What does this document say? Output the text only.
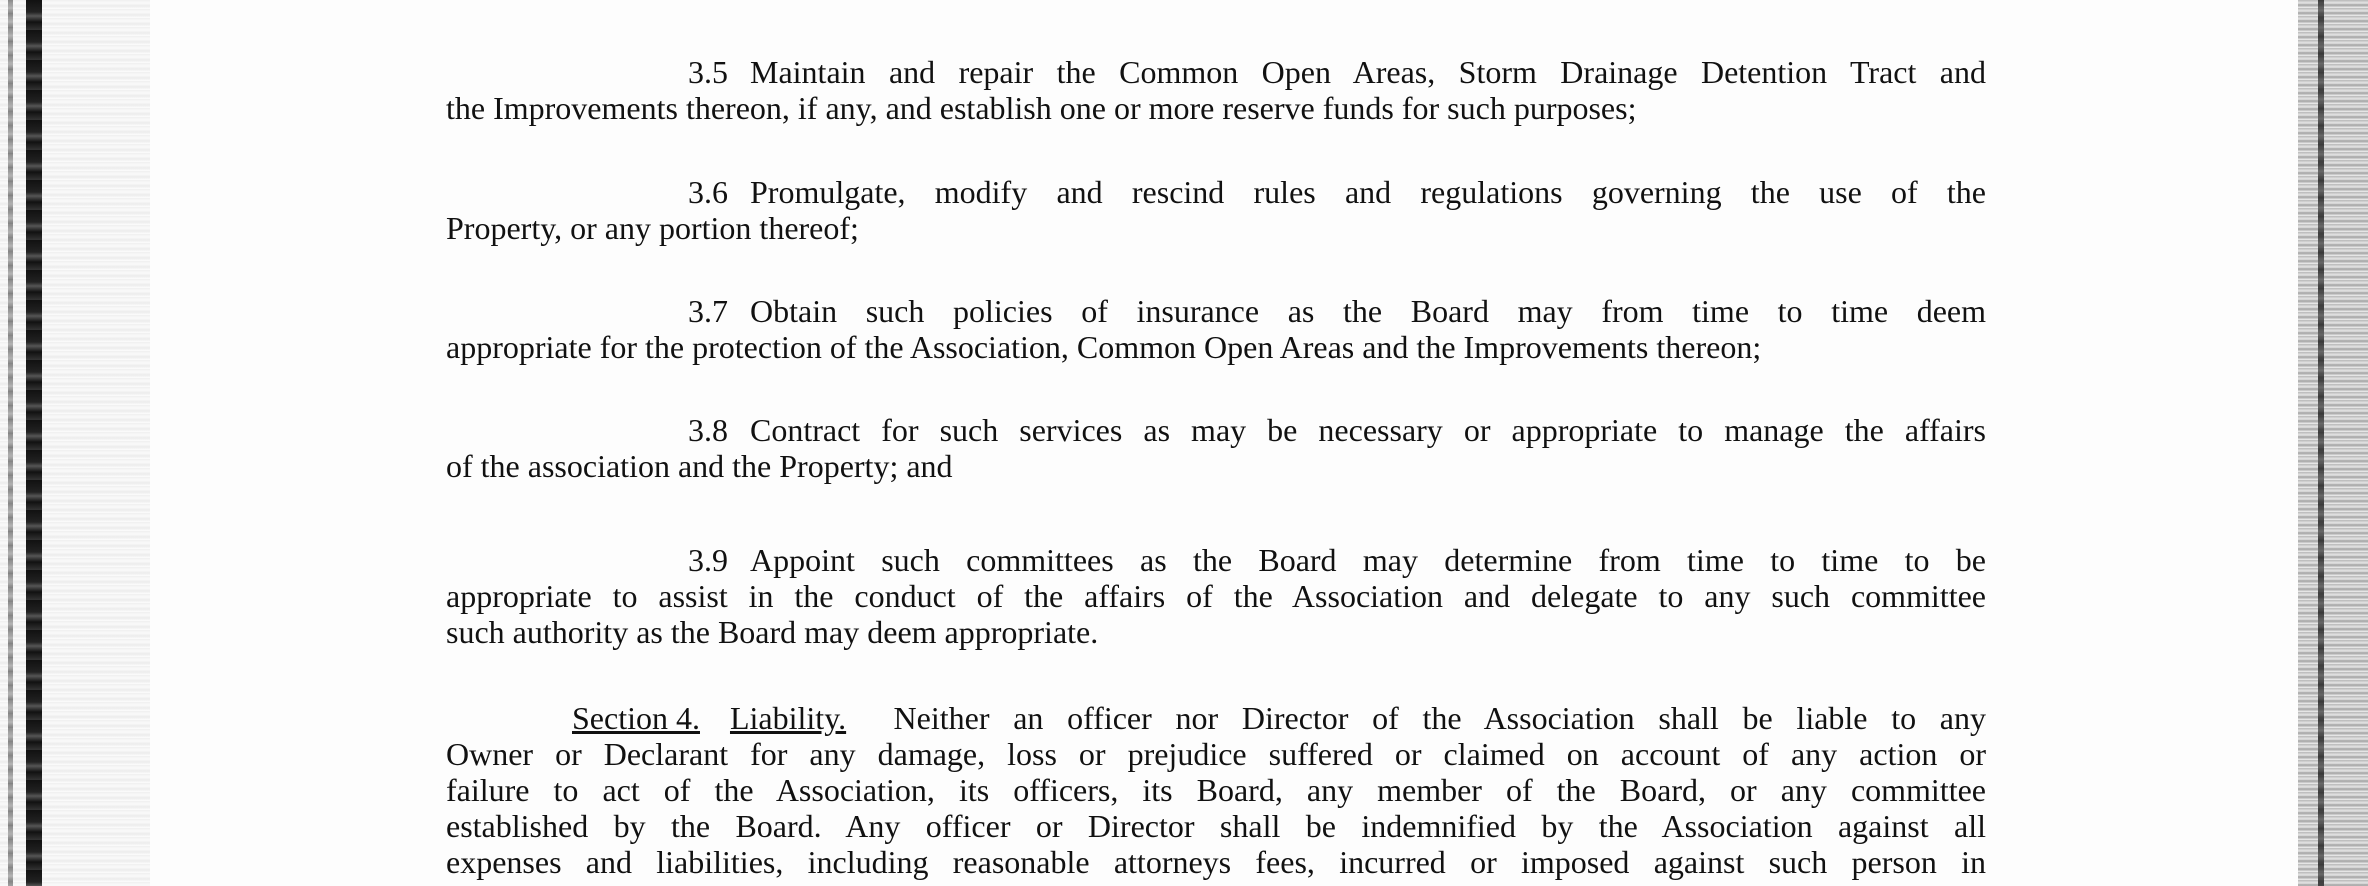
3.5 Maintain and repair the Common Open Areas, Storm Drainage Detention Tract and
the Improvements thereon, if any, and establish one or more reserve funds for such purposes;
3.6 Promulgate, modify and rescind rules and regulations governing the use of the
Property, or any portion thereof;
3.7 Obtain such policies of insurance as the Board may from time to time deem
appropriate for the protection of the Association, Common Open Areas and the Improvements thereon;
3.8 Contract for such services as may be necessary or appropriate to manage the affairs
of the association and the Property; and
3.9 Appoint such committees as the Board may determine from time to time to be
appropriate to assist in the conduct of the affairs of the Association and delegate to any such committee
such authority as the Board may deem appropriate.
Section 4. Liability. Neither an officer nor Director of the Association shall be liable to any
Owner or Declarant for any damage, loss or prejudice suffered or claimed on account of any action or
failure to act of the Association, its officers, its Board, any member of the Board, or any committee
established by the Board. Any officer or Director shall be indemnified by the Association against all
expenses and liabilities, including reasonable attorneys fees, incurred or imposed against such person in
